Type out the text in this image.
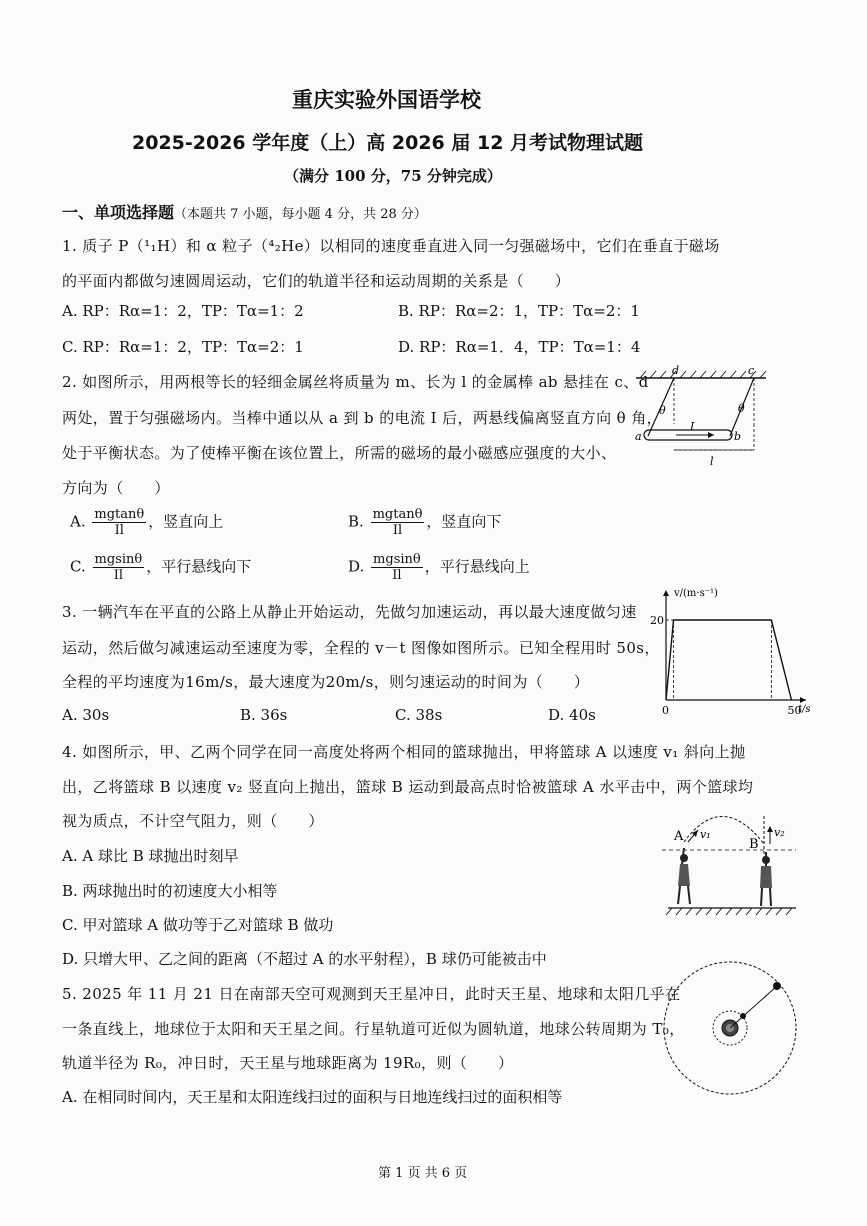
重庆实验外国语学校
2025-2026 学年度（上）高 2026 届 12 月考试物理试题
（满分 100 分，75 分钟完成）
一、单项选择题（本题共 7 小题，每小题 4 分，共 28 分）
1. 质子 P（¹₁H）和 α 粒子（⁴₂He）以相同的速度垂直进入同一匀强磁场中，它们在垂直于磁场
的平面内都做匀速圆周运动，它们的轨道半径和运动周期的关系是（　　）
A. RP：Rα=1：2，TP：Tα=1：2	B. RP：Rα=2：1，TP：Tα=2：1
C. RP：Rα=1：2，TP：Tα=2：1	D. RP：Rα=1．4，TP：Tα=1：4
2. 如图所示，用两根等长的轻细金属丝将质量为 m、长为 l 的金属棒 ab 悬挂在 c、d
两处，置于匀强磁场内。当棒中通以从 a 到 b 的电流 I 后，两悬线偏离竖直方向 θ 角，
处于平衡状态。为了使棒平衡在该位置上，所需的磁场的最小磁感应强度的大小、
方向为（　　）
A. $\frac{mgtan\theta}{Il}$ ，竖直向上	B. $\frac{mgtan\theta}{Il}$ ，竖直向下
C. $\frac{mgsin\theta}{Il}$ ，平行悬线向下	D. $\frac{mgsin\theta}{Il}$ ，平行悬线向上
d	c
θ	θ
a	b
I
l
3. 一辆汽车在平直的公路上从静止开始运动，先做匀加速运动，再以最大速度做匀速
运动，然后做匀减速运动至速度为零，全程的 v－t 图像如图所示。已知全程用时 50s，
全程的平均速度为16m/s，最大速度为20m/s，则匀速运动的时间为（　　）
A. 30s	B. 36s	C. 38s	D. 40s
20
0	50
v/(m·s⁻¹)
t/s
4. 如图所示，甲、乙两个同学在同一高度处将两个相同的篮球抛出，甲将篮球 A 以速度 v₁ 斜向上抛
出，乙将篮球 B 以速度 v₂ 竖直向上抛出，篮球 B 运动到最高点时恰被篮球 A 水平击中，两个篮球均
视为质点，不计空气阻力，则（　　）
A. A 球比 B 球抛出时刻早
B. 两球抛出时的初速度大小相等
C. 甲对篮球 A 做功等于乙对篮球 B 做功
D. 只增大甲、乙之间的距离（不超过 A 的水平射程），B 球仍可能被击中
A v₁
B
v₂
5. 2025 年 11 月 21 日在南部天空可观测到天王星冲日，此时天王星、地球和太阳几乎在
一条直线上，地球位于太阳和天王星之间。行星轨道可近似为圆轨道，地球公转周期为 T₀，
轨道半径为 R₀，冲日时，天王星与地球距离为 19R₀，则（　　）
A. 在相同时间内，天王星和太阳连线扫过的面积与日地连线扫过的面积相等
第 1 页 共 6 页
